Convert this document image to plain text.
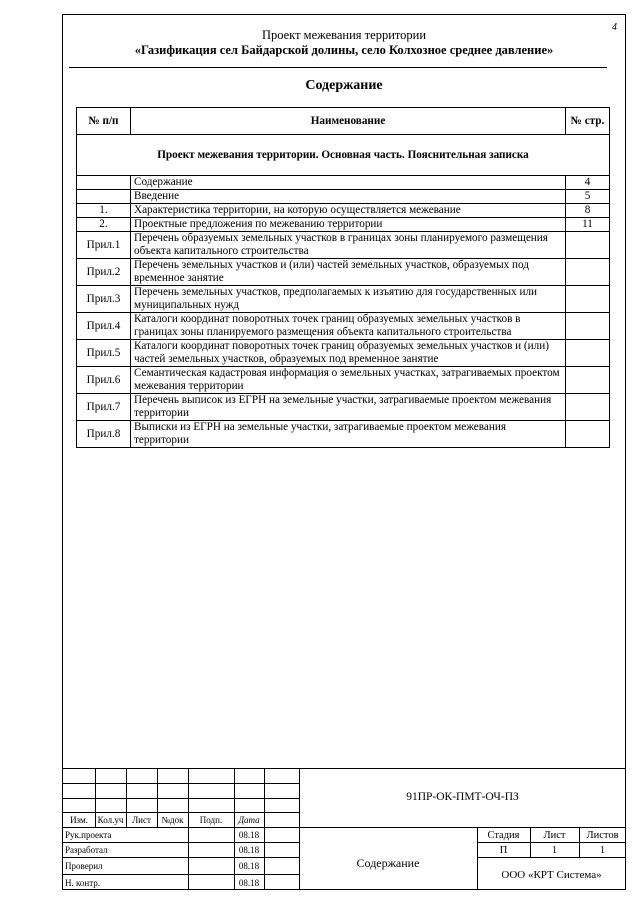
4
Проект межевания территории
«Газификация сел Байдарской долины, село Колхозное среднее давление»
Содержание
№ п/п	Наименование	№ стр.
Проект межевания территории. Основная часть. Пояснительная записка		
	Содержание	4
	Введение	5
1.	Характеристика территории, на которую осуществляется межевание	8
2.	Проектные предложения по межеванию территории	11
Прил.1	Перечень образуемых земельных участков в границах зоны планируемого размещения объекта капитального строительства	
Прил.2	Перечень земельных участков и (или) частей земельных участков, образуемых под временное занятие	
Прил.3	Перечень земельных участков, предполагаемых к изъятию для государственных или муниципальных нужд	
Прил.4	Каталоги координат поворотных точек границ образуемых земельных участков в границах зоны планируемого размещения объекта капитального строительства	
Прил.5	Каталоги координат поворотных точек границ образуемых земельных участков и (или) частей земельных участков, образуемых под временное занятие	
Прил.6	Семантическая кадастровая информация о земельных участках, затрагиваемых проектом межевания территории	
Прил.7	Перечень выписок из ЕГРН на земельные участки, затрагиваемые проектом межевания территории	
Прил.8	Выписки из ЕГРН на земельные участки, затрагиваемые проектом межевания территории	
Изм.	Кол.уч Лист	№док	Подп.	Дата
91ПР-ОК-ПМТ-ОЧ-ПЗ
Рук.проекта	08.18
Разработал	08.18
Проверил	08.18
Н. контр.	08.18
Содержание
Стадия	Лист	Листов
П	1	1
ООО «КРТ Система»
